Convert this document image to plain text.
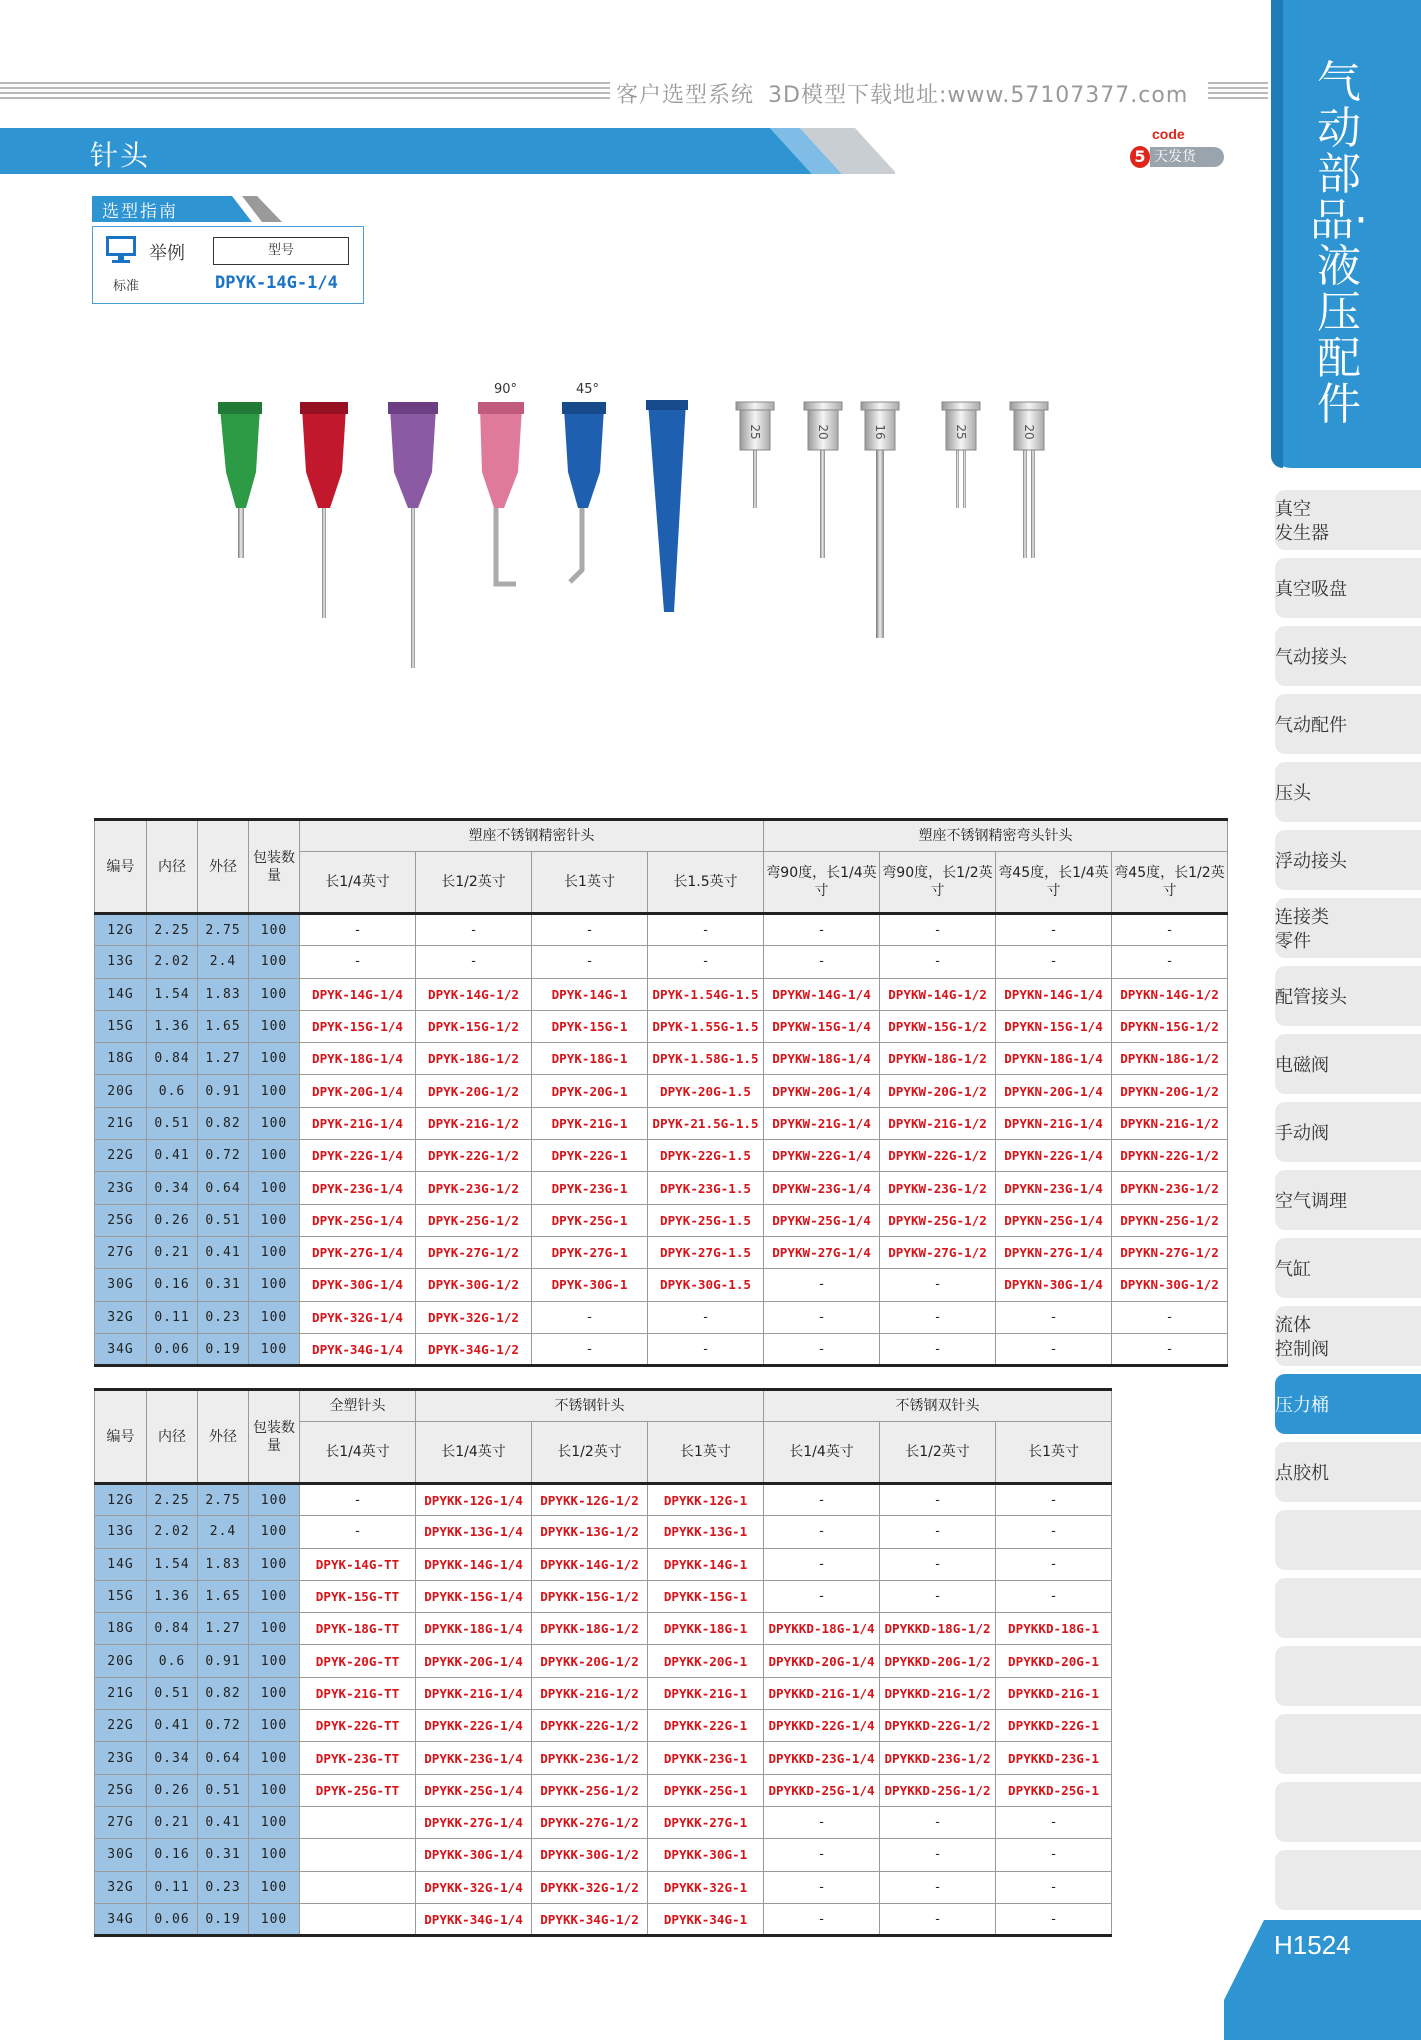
客户选型系统 3D模型下载地址:www.57107377.com
针头
code
5 天发货
选型指南
举例	型号
标准	DPYK-14G-1/4
25	20	16	25	20
90°	45°
编号	内径	外径	包装数量	塑座不锈钢精密针头				塑座不锈钢精密弯头针头			
				长1/4英寸	长1/2英寸	长1英寸	长1.5英寸	弯90度，长1/4英寸	弯90度，长1/2英寸	弯45度，长1/4英寸	弯45度，长1/2英寸
12G	2.25	2.75	100	-	-	-	-	-	-	-	-
13G	2.02	2.4	100	-	-	-	-	-	-	-	-
14G	1.54	1.83	100	DPYK-14G-1/4	DPYK-14G-1/2	DPYK-14G-1	DPYK-1.54G-1.5	DPYKW-14G-1/4	DPYKW-14G-1/2	DPYKN-14G-1/4	DPYKN-14G-1/2
15G	1.36	1.65	100	DPYK-15G-1/4	DPYK-15G-1/2	DPYK-15G-1	DPYK-1.55G-1.5	DPYKW-15G-1/4	DPYKW-15G-1/2	DPYKN-15G-1/4	DPYKN-15G-1/2
18G	0.84	1.27	100	DPYK-18G-1/4	DPYK-18G-1/2	DPYK-18G-1	DPYK-1.58G-1.5	DPYKW-18G-1/4	DPYKW-18G-1/2	DPYKN-18G-1/4	DPYKN-18G-1/2
20G	0.6	0.91	100	DPYK-20G-1/4	DPYK-20G-1/2	DPYK-20G-1	DPYK-20G-1.5	DPYKW-20G-1/4	DPYKW-20G-1/2	DPYKN-20G-1/4	DPYKN-20G-1/2
21G	0.51	0.82	100	DPYK-21G-1/4	DPYK-21G-1/2	DPYK-21G-1	DPYK-21.5G-1.5	DPYKW-21G-1/4	DPYKW-21G-1/2	DPYKN-21G-1/4	DPYKN-21G-1/2
22G	0.41	0.72	100	DPYK-22G-1/4	DPYK-22G-1/2	DPYK-22G-1	DPYK-22G-1.5	DPYKW-22G-1/4	DPYKW-22G-1/2	DPYKN-22G-1/4	DPYKN-22G-1/2
23G	0.34	0.64	100	DPYK-23G-1/4	DPYK-23G-1/2	DPYK-23G-1	DPYK-23G-1.5	DPYKW-23G-1/4	DPYKW-23G-1/2	DPYKN-23G-1/4	DPYKN-23G-1/2
25G	0.26	0.51	100	DPYK-25G-1/4	DPYK-25G-1/2	DPYK-25G-1	DPYK-25G-1.5	DPYKW-25G-1/4	DPYKW-25G-1/2	DPYKN-25G-1/4	DPYKN-25G-1/2
27G	0.21	0.41	100	DPYK-27G-1/4	DPYK-27G-1/2	DPYK-27G-1	DPYK-27G-1.5	DPYKW-27G-1/4	DPYKW-27G-1/2	DPYKN-27G-1/4	DPYKN-27G-1/2
30G	0.16	0.31	100	DPYK-30G-1/4	DPYK-30G-1/2	DPYK-30G-1	DPYK-30G-1.5	-	-	DPYKN-30G-1/4	DPYKN-30G-1/2
32G	0.11	0.23	100	DPYK-32G-1/4	DPYK-32G-1/2	-	-	-	-	-	-
34G	0.06	0.19	100	DPYK-34G-1/4	DPYK-34G-1/2	-	-	-	-	-	-
编号	内径	外径	包装数量	全塑针头	不锈钢针头			不锈钢双针头		
				长1/4英寸	长1/4英寸	长1/2英寸	长1英寸	长1/4英寸	长1/2英寸	长1英寸
12G	2.25	2.75	100	-	DPYKK-12G-1/4	DPYKK-12G-1/2	DPYKK-12G-1	-	-	-
13G	2.02	2.4	100	-	DPYKK-13G-1/4	DPYKK-13G-1/2	DPYKK-13G-1	-	-	-
14G	1.54	1.83	100	DPYK-14G-TT	DPYKK-14G-1/4	DPYKK-14G-1/2	DPYKK-14G-1	-	-	-
15G	1.36	1.65	100	DPYK-15G-TT	DPYKK-15G-1/4	DPYKK-15G-1/2	DPYKK-15G-1	-	-	-
18G	0.84	1.27	100	DPYK-18G-TT	DPYKK-18G-1/4	DPYKK-18G-1/2	DPYKK-18G-1	DPYKKD-18G-1/4	DPYKKD-18G-1/2	DPYKKD-18G-1
20G	0.6	0.91	100	DPYK-20G-TT	DPYKK-20G-1/4	DPYKK-20G-1/2	DPYKK-20G-1	DPYKKD-20G-1/4	DPYKKD-20G-1/2	DPYKKD-20G-1
21G	0.51	0.82	100	DPYK-21G-TT	DPYKK-21G-1/4	DPYKK-21G-1/2	DPYKK-21G-1	DPYKKD-21G-1/4	DPYKKD-21G-1/2	DPYKKD-21G-1
22G	0.41	0.72	100	DPYK-22G-TT	DPYKK-22G-1/4	DPYKK-22G-1/2	DPYKK-22G-1	DPYKKD-22G-1/4	DPYKKD-22G-1/2	DPYKKD-22G-1
23G	0.34	0.64	100	DPYK-23G-TT	DPYKK-23G-1/4	DPYKK-23G-1/2	DPYKK-23G-1	DPYKKD-23G-1/4	DPYKKD-23G-1/2	DPYKKD-23G-1
25G	0.26	0.51	100	DPYK-25G-TT	DPYKK-25G-1/4	DPYKK-25G-1/2	DPYKK-25G-1	DPYKKD-25G-1/4	DPYKKD-25G-1/2	DPYKKD-25G-1
27G	0.21	0.41	100		DPYKK-27G-1/4	DPYKK-27G-1/2	DPYKK-27G-1	-	-	-
30G	0.16	0.31	100		DPYKK-30G-1/4	DPYKK-30G-1/2	DPYKK-30G-1	-	-	-
32G	0.11	0.23	100		DPYKK-32G-1/4	DPYKK-32G-1/2	DPYKK-32G-1	-	-	-
34G	0.06	0.19	100		DPYKK-34G-1/4	DPYKK-34G-1/2	DPYKK-34G-1	-	-	-
气动部品·液压配件
真空
发生器
真空吸盘
气动接头
气动配件
压头
浮动接头
连接类
零件
配管接头
电磁阀
手动阀
空气调理
气缸
流体
控制阀
压力桶
点胶机
H1524
